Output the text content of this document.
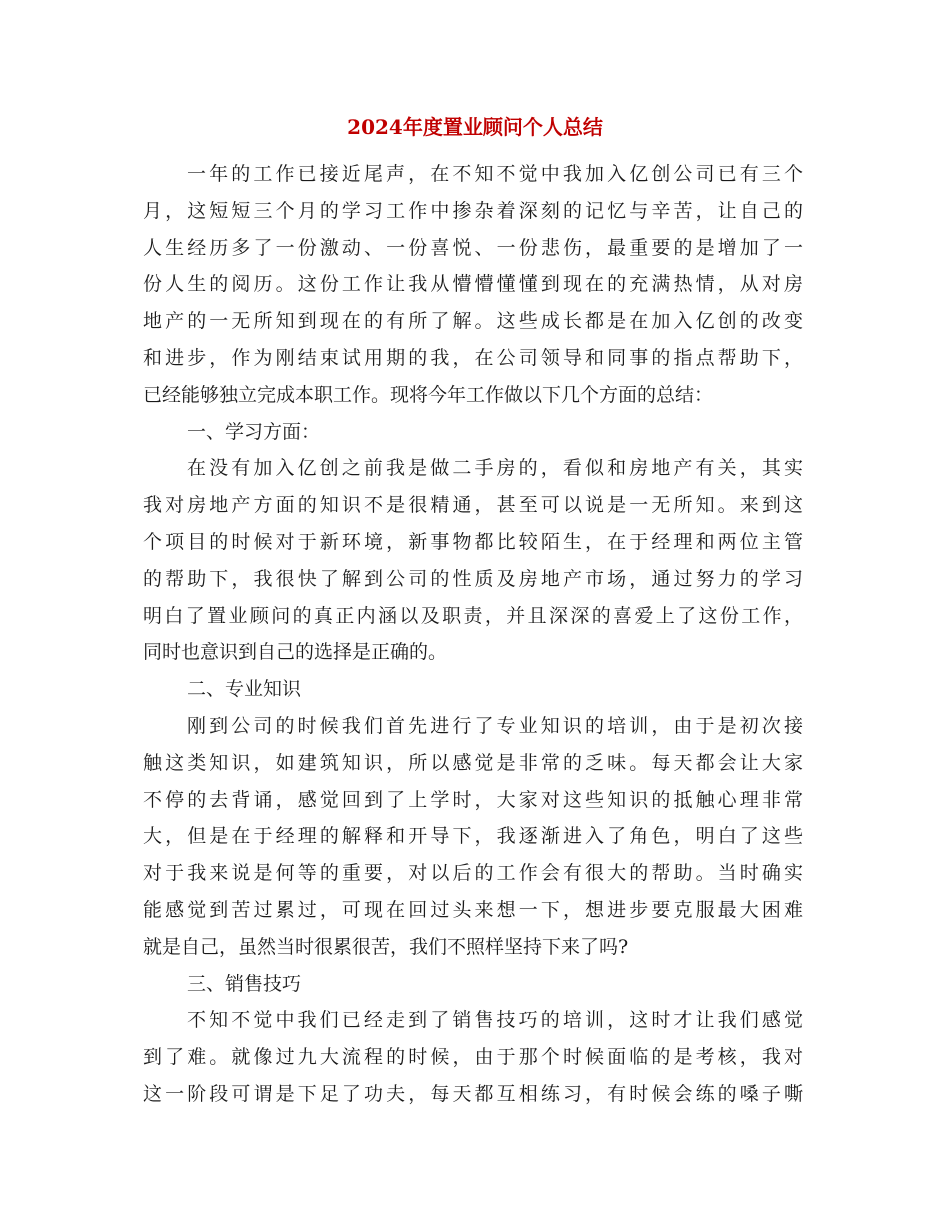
2024年度置业顾问个人总结
一年的工作已接近尾声，在不知不觉中我加入亿创公司已有三个
月，这短短三个月的学习工作中掺杂着深刻的记忆与辛苦，让自己的
人生经历多了一份激动、一份喜悦、一份悲伤，最重要的是增加了一
份人生的阅历。这份工作让我从懵懵懂懂到现在的充满热情，从对房
地产的一无所知到现在的有所了解。这些成长都是在加入亿创的改变
和进步，作为刚结束试用期的我，在公司领导和同事的指点帮助下，
已经能够独立完成本职工作。现将今年工作做以下几个方面的总结：
一、学习方面：
在没有加入亿创之前我是做二手房的，看似和房地产有关，其实
我对房地产方面的知识不是很精通，甚至可以说是一无所知。来到这
个项目的时候对于新环境，新事物都比较陌生，在于经理和两位主管
的帮助下，我很快了解到公司的性质及房地产市场，通过努力的学习
明白了置业顾问的真正内涵以及职责，并且深深的喜爱上了这份工作，
同时也意识到自己的选择是正确的。
二、专业知识
刚到公司的时候我们首先进行了专业知识的培训，由于是初次接
触这类知识，如建筑知识，所以感觉是非常的乏味。每天都会让大家
不停的去背诵，感觉回到了上学时，大家对这些知识的抵触心理非常
大，但是在于经理的解释和开导下，我逐渐进入了角色，明白了这些
对于我来说是何等的重要，对以后的工作会有很大的帮助。当时确实
能感觉到苦过累过，可现在回过头来想一下，想进步要克服最大困难
就是自己，虽然当时很累很苦，我们不照样坚持下来了吗?
三、销售技巧
不知不觉中我们已经走到了销售技巧的培训，这时才让我们感觉
到了难。就像过九大流程的时候，由于那个时候面临的是考核，我对
这一阶段可谓是下足了功夫，每天都互相练习，有时候会练的嗓子嘶
